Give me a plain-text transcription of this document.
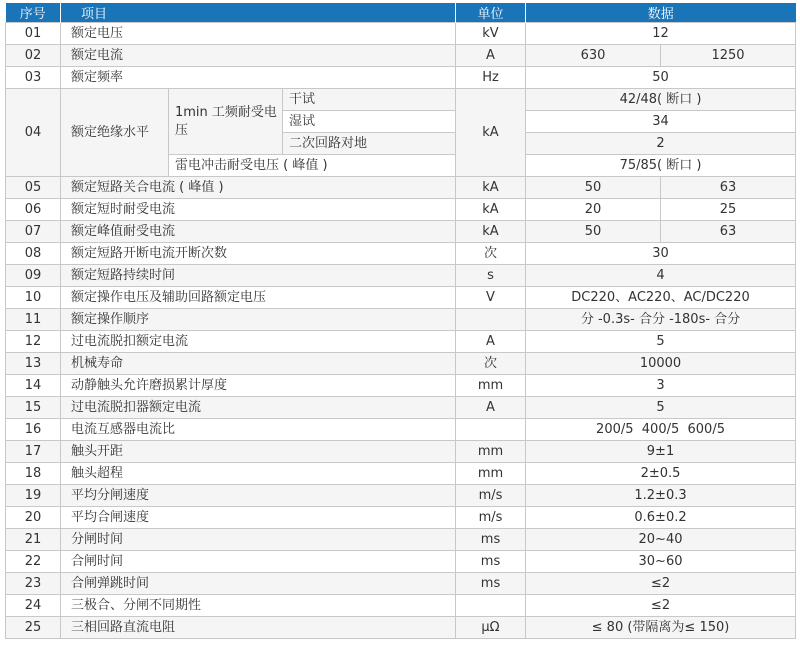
序号	项目			单位	数据	
01	额定电压			kV	12	
02	额定电流			A	630	1250
03	额定频率			Hz	50	
04	额定绝缘水平	1min 工频耐受电压	干试	kA	42/48( 断口 )	
			湿试		34	
			二次回路对地		2	
		雷电冲击耐受电压 ( 峰值 )			75/85( 断口 )	
05	额定短路关合电流 ( 峰值 )			kA	50	63
06	额定短时耐受电流			kA	20	25
07	额定峰值耐受电流			kA	50	63
08	额定短路开断电流开断次数			次	30	
09	额定短路持续时间			s	4	
10	额定操作电压及辅助回路额定电压			V	DC220、AC220、AC/DC220	
11	额定操作顺序				分 -0.3s- 合分 -180s- 合分	
12	过电流脱扣额定电流			A	5	
13	机械寿命			次	10000	
14	动静触头允许磨损累计厚度			mm	3	
15	过电流脱扣器额定电流			A	5	
16	电流互感器电流比				200/5  400/5  600/5	
17	触头开距			mm	9±1	
18	触头超程			mm	2±0.5	
19	平均分闸速度			m/s	1.2±0.3	
20	平均合闸速度			m/s	0.6±0.2	
21	分闸时间			ms	20~40	
22	合闸时间			ms	30~60	
23	合闸弹跳时间			ms	≤2	
24	三极合、分闸不同期性				≤2	
25	三相回路直流电阻			μΩ	≤ 80 (带隔离为≤ 150)	
